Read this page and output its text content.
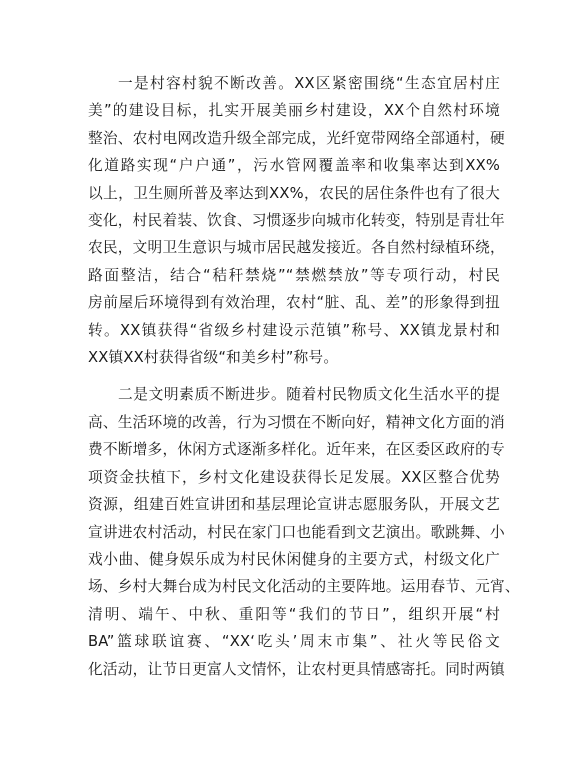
一是村容村貌不断改善。XX区紧密围绕“生态宜居村庄
美”的建设目标，扎实开展美丽乡村建设，XX个自然村环境
整治、农村电网改造升级全部完成，光纤宽带网络全部通村，硬
化道路实现“户户通”，污水管网覆盖率和收集率达到XX%
以上，卫生厕所普及率达到XX%，农民的居住条件也有了很大
变化，村民着装、饮食、习惯逐步向城市化转变，特别是青壮年
农民，文明卫生意识与城市居民越发接近。各自然村绿植环绕，
路面整洁，结合“秸秆禁烧”“禁燃禁放”等专项行动，村民
房前屋后环境得到有效治理，农村“脏、乱、差”的形象得到扭
转。XX镇获得“省级乡村建设示范镇”称号、XX镇龙景村和
XX镇XX村获得省级“和美乡村”称号。
二是文明素质不断进步。随着村民物质文化生活水平的提
高、生活环境的改善，行为习惯在不断向好，精神文化方面的消
费不断增多，休闲方式逐渐多样化。近年来，在区委区政府的专
项资金扶植下，乡村文化建设获得长足发展。XX区整合优势
资源，组建百姓宣讲团和基层理论宣讲志愿服务队，开展文艺
宣讲进农村活动，村民在家门口也能看到文艺演出。歌跳舞、小
戏小曲、健身娱乐成为村民休闲健身的主要方式，村级文化广
场、乡村大舞台成为村民文化活动的主要阵地。运用春节、元宵、
清明、端午、中秋、重阳等“我们的节日”，组织开展“村
BA”篮球联谊赛、“XX‘吃头’周末市集”、社火等民俗文
化活动，让节日更富人文情怀，让农村更具情感寄托。同时两镇
